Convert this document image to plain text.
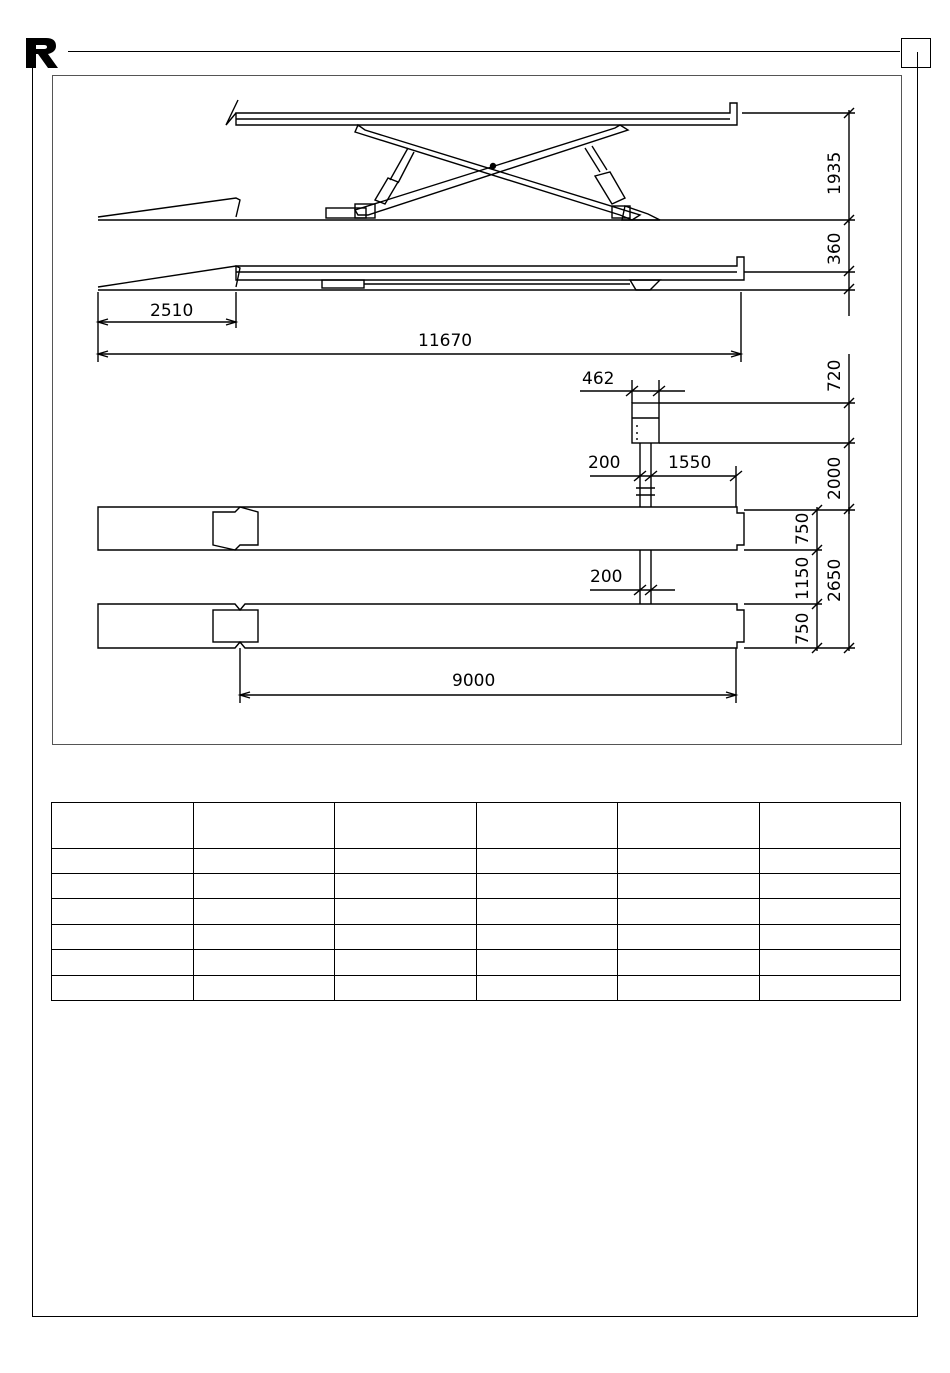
1935
360
2510
11670
462	720
2000
200	1550
200
750
1150
750
2650
9000
